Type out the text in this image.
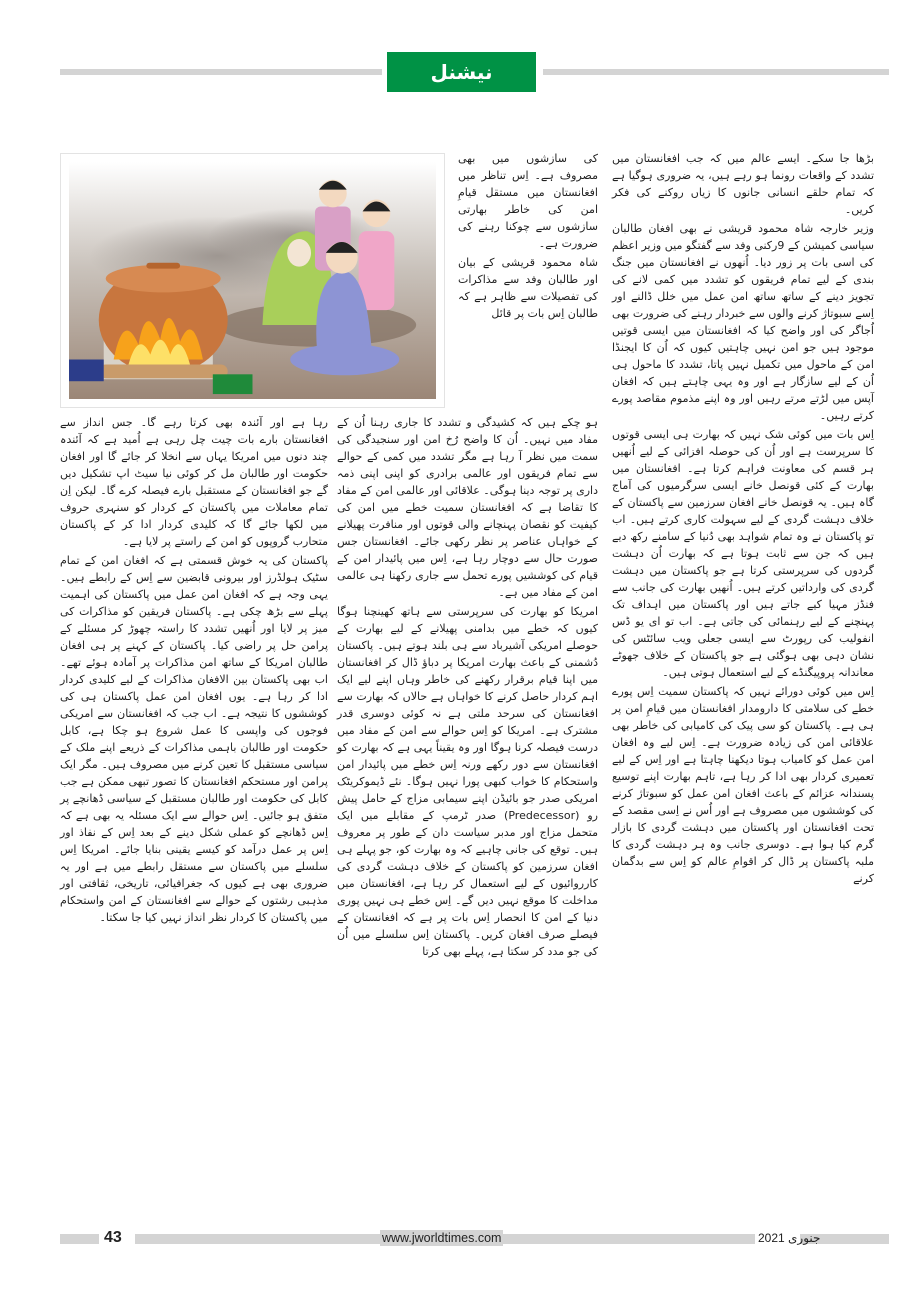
نیشنل

بڑھا جا سکے۔ ایسے عالم میں کہ جب افغانستان میں تشدد کے واقعات رونما ہو رہے ہیں، یہ ضروری ہوگیا ہے کہ تمام حلقے انسانی جانوں کا زیاں روکنے کی فکر کریں۔

وزیر خارجہ شاہ محمود قریشی نے بھی افغان طالبان سیاسی کمیشن کے 9رکنی وفد سے گفتگو میں وزیر اعظم کی اسی بات پر زور دیا۔ اُنھوں نے افغانستان میں جنگ بندی کے لیے تمام فریقوں کو تشدد میں کمی لانے کی تجویز دینے کے ساتھ ساتھ امن عمل میں خلل ڈالنے اور اِسے سبوتاژ کرنے والوں سے خبردار رہنے کی ضرورت بھی اُجاگر کی اور واضح کیا کہ افغانستان میں ایسی قوتیں موجود ہیں جو امن نہیں چاہتیں کیوں کہ اُن کا ایجنڈا امن کے ماحول میں تکمیل نہیں پاتا، تشدد کا ماحول ہی اُن کے لیے سازگار ہے اور وہ یہی چاہتے ہیں کہ افغان آپس میں لڑتے مرتے رہیں اور وہ اپنے مذموم مقاصد پورے کرتے رہیں۔

اِس بات میں کوئی شک نہیں کہ بھارت ہی ایسی قوتوں کا سرپرست ہے اور اُن کی حوصلہ افزائی کے لیے اُنھیں ہر قسم کی معاونت فراہم کرتا ہے۔ افغانستان میں بھارت کے کئی قونصل خانے ایسی سرگرمیوں کی آماج گاہ ہیں۔ یہ قونصل خانے افغان سرزمین سے پاکستان کے خلاف دہشت گردی کے لیے سہولت کاری کرتے ہیں۔ اب تو پاکستان نے وہ تمام شواہد بھی دُنیا کے سامنے رکھ دیے ہیں کہ جن سے ثابت ہوتا ہے کہ بھارت اُن دہشت گردوں کی سرپرستی کرتا ہے جو پاکستان میں دہشت گردی کی وارداتیں کرتے ہیں۔ اُنھیں بھارت کی جانب سے فنڈز مہیا کیے جاتے ہیں اور پاکستان میں اہداف تک پہنچنے کے لیے رہنمائی کی جاتی ہے۔ اب تو ای یو ڈس انفولیب کی رپورٹ سے ایسی جعلی ویب سائٹس کی نشان دہی بھی ہوگئی ہے جو پاکستان کے خلاف جھوٹے معاندانہ پروپیگنڈے کے لیے استعمال ہوتی ہیں۔

اِس میں کوئی دورائے نہیں کہ پاکستان سمیت اِس پورے خطے کی سلامتی کا دارومدار افغانستان میں قیامِ امن پر ہی ہے۔ پاکستان کو سی پیک کی کامیابی کی خاطر بھی علاقائی امن کی زیادہ ضرورت ہے۔ اِس لیے وہ افغان امن عمل کو کامیاب ہوتا دیکھنا چاہتا ہے اور اِس کے لیے تعمیری کردار بھی ادا کر رہا ہے، تاہم بھارت اپنے توسیع پسندانہ عزائم کے باعث افغان امن عمل کو سبوتاژ کرنے کی کوششوں میں مصروف ہے اور اُس نے اِسی مقصد کے تحت افغانستان اور پاکستان میں دہشت گردی کا بازار گرم کیا ہوا ہے۔ دوسری جانب وہ ہر دہشت گردی کا ملبہ پاکستان پر ڈال کر اقوامِ عالم کو اِس سے بدگمان کرنے

کی سازشوں میں بھی مصروف ہے۔ اِس تناظر میں افغانستان میں مستقل قیامِ امن کی خاطر بھارتی سازشوں سے چوکنا رہنے کی ضرورت ہے۔

شاہ محمود قریشی کے بیان اور طالبان وفد سے مذاکرات کی تفصیلات سے ظاہر ہے کہ طالبان اِس بات پر قائل

ہو چکے ہیں کہ کشیدگی و تشدد کا جاری رہنا اُن کے مفاد میں نہیں۔ اُن کا واضح رُخ امن اور سنجیدگی کی سمت میں نظر آ رہا ہے مگر تشدد میں کمی کے حوالے سے تمام فریقوں اور عالمی برادری کو اپنی اپنی ذمہ داری پر توجہ دینا ہوگی۔ علاقائی اور عالمی امن کے مفاد کا تقاضا ہے کہ افغانستان سمیت خطے میں امن کی کیفیت کو نقصان پہنچانے والی قوتوں اور منافرت پھیلانے کے خواہاں عناصر پر نظر رکھی جائے۔ افغانستان جس صورت حال سے دوچار رہا ہے، اِس میں پائیدار امن کے قیام کی کوششیں پورے تحمل سے جاری رکھنا ہی عالمی امن کے مفاد میں ہے۔

امریکا کو بھارت کی سرپرستی سے ہاتھ کھینچنا ہوگا کیوں کہ خطے میں بدامنی پھیلانے کے لیے بھارت کے حوصلے امریکی آشیرباد سے ہی بلند ہوتے ہیں۔ پاکستان دُشمنی کے باعث بھارت امریکا پر دباؤ ڈال کر افغانستان میں اپنا قیام برقرار رکھنے کی خاطر وہاں اپنے لیے ایک اہم کردار حاصل کرنے کا خواہاں ہے حالاں کہ بھارت سے افغانستان کی سرحد ملتی ہے نہ کوئی دوسری قدر مشترک ہے۔ امریکا کو اِس حوالے سے امن کے مفاد میں درست فیصلہ کرنا ہوگا اور وہ یقیناً یہی ہے کہ بھارت کو افغانستان سے دور رکھے ورنہ اِس خطے میں پائیدار امن واستحکام کا خواب کبھی پورا نہیں ہوگا۔ نئے ڈیموکریٹک امریکی صدر جو بائیڈن اپنے سیمابی مزاج کے حامل پیش رو (Predecessor) صدر ٹرمپ کے مقابلے میں ایک متحمل مزاج اور مدبر سیاست دان کے طور پر معروف ہیں۔ توقع کی جانی چاہیے کہ وہ بھارت کو، جو پہلے ہی افغان سرزمین کو پاکستان کے خلاف دہشت گردی کی کارروائیوں کے لیے استعمال کر رہا ہے، افغانستان میں مداخلت کا موقع نہیں دیں گے۔ اِس خطے ہی نہیں پوری دنیا کے امن کا انحصار اِس بات پر ہے کہ افغانستان کے فیصلے صرف افغان کریں۔ پاکستان اِس سلسلے میں اُن کی جو مدد کر سکتا ہے، پہلے بھی کرتا

رہا ہے اور آئندہ بھی کرتا رہے گا۔ جس انداز سے افغانستان بارے بات چیت چل رہی ہے اُمید ہے کہ آئندہ چند دنوں میں امریکا یہاں سے انخلا کر جائے گا اور افغان حکومت اور طالبان مل کر کوئی نیا سیٹ اپ تشکیل دیں گے جو افغانستان کے مستقبل بارے فیصلہ کرے گا۔ لیکن اِن تمام معاملات میں پاکستان کے کردار کو سنہری حروف میں لکھا جائے گا کہ کلیدی کردار ادا کر کے پاکستان متحارب گروپوں کو امن کے راستے پر لایا ہے۔

پاکستان کی یہ خوش قسمتی ہے کہ افغان امن کے تمام سٹیک ہولڈرز اور بیرونی قابضین سے اِس کے رابطے ہیں۔ یہی وجہ ہے کہ افغان امن عمل میں پاکستان کی اہمیت پہلے سے بڑھ چکی ہے۔ پاکستان فریقین کو مذاکرات کی میز پر لایا اور اُنھیں تشدد کا راستہ چھوڑ کر مسئلے کے پرامن حل پر راضی کیا۔ پاکستان کے کہنے پر ہی افغان طالبان امریکا کے ساتھ امن مذاکرات پر آمادہ ہوئے تھے۔ اب بھی پاکستان بین الافغان مذاکرات کے لیے کلیدی کردار ادا کر رہا ہے۔ یوں افغان امن عمل پاکستان ہی کی کوششوں کا نتیجہ ہے۔ اب جب کہ افغانستان سے امریکی فوجوں کی واپسی کا عمل شروع ہو چکا ہے، کابل حکومت اور طالبان باہمی مذاکرات کے ذریعے اپنے ملک کے سیاسی مستقبل کا تعین کرنے میں مصروف ہیں۔ مگر ایک پرامن اور مستحکم افغانستان کا تصور تبھی ممکن ہے جب کابل کی حکومت اور طالبان مستقبل کے سیاسی ڈھانچے پر متفق ہو جائیں۔ اِس حوالے سے ایک مسئلہ یہ بھی ہے کہ اِس ڈھانچے کو عملی شکل دینے کے بعد اِس کے نفاذ اور اِس پر عمل درآمد کو کیسے یقینی بنایا جائے۔ امریکا اِس سلسلے میں پاکستان سے مستقل رابطے میں ہے اور یہ ضروری بھی ہے کیوں کہ جغرافیائی، تاریخی، ثقافتی اور مذہبی رشتوں کے حوالے سے افغانستان کے امن واستحکام میں پاکستان کا کردار نظر انداز نہیں کیا جا سکتا۔

43	www.jworldtimes.com	جنوری 2021
